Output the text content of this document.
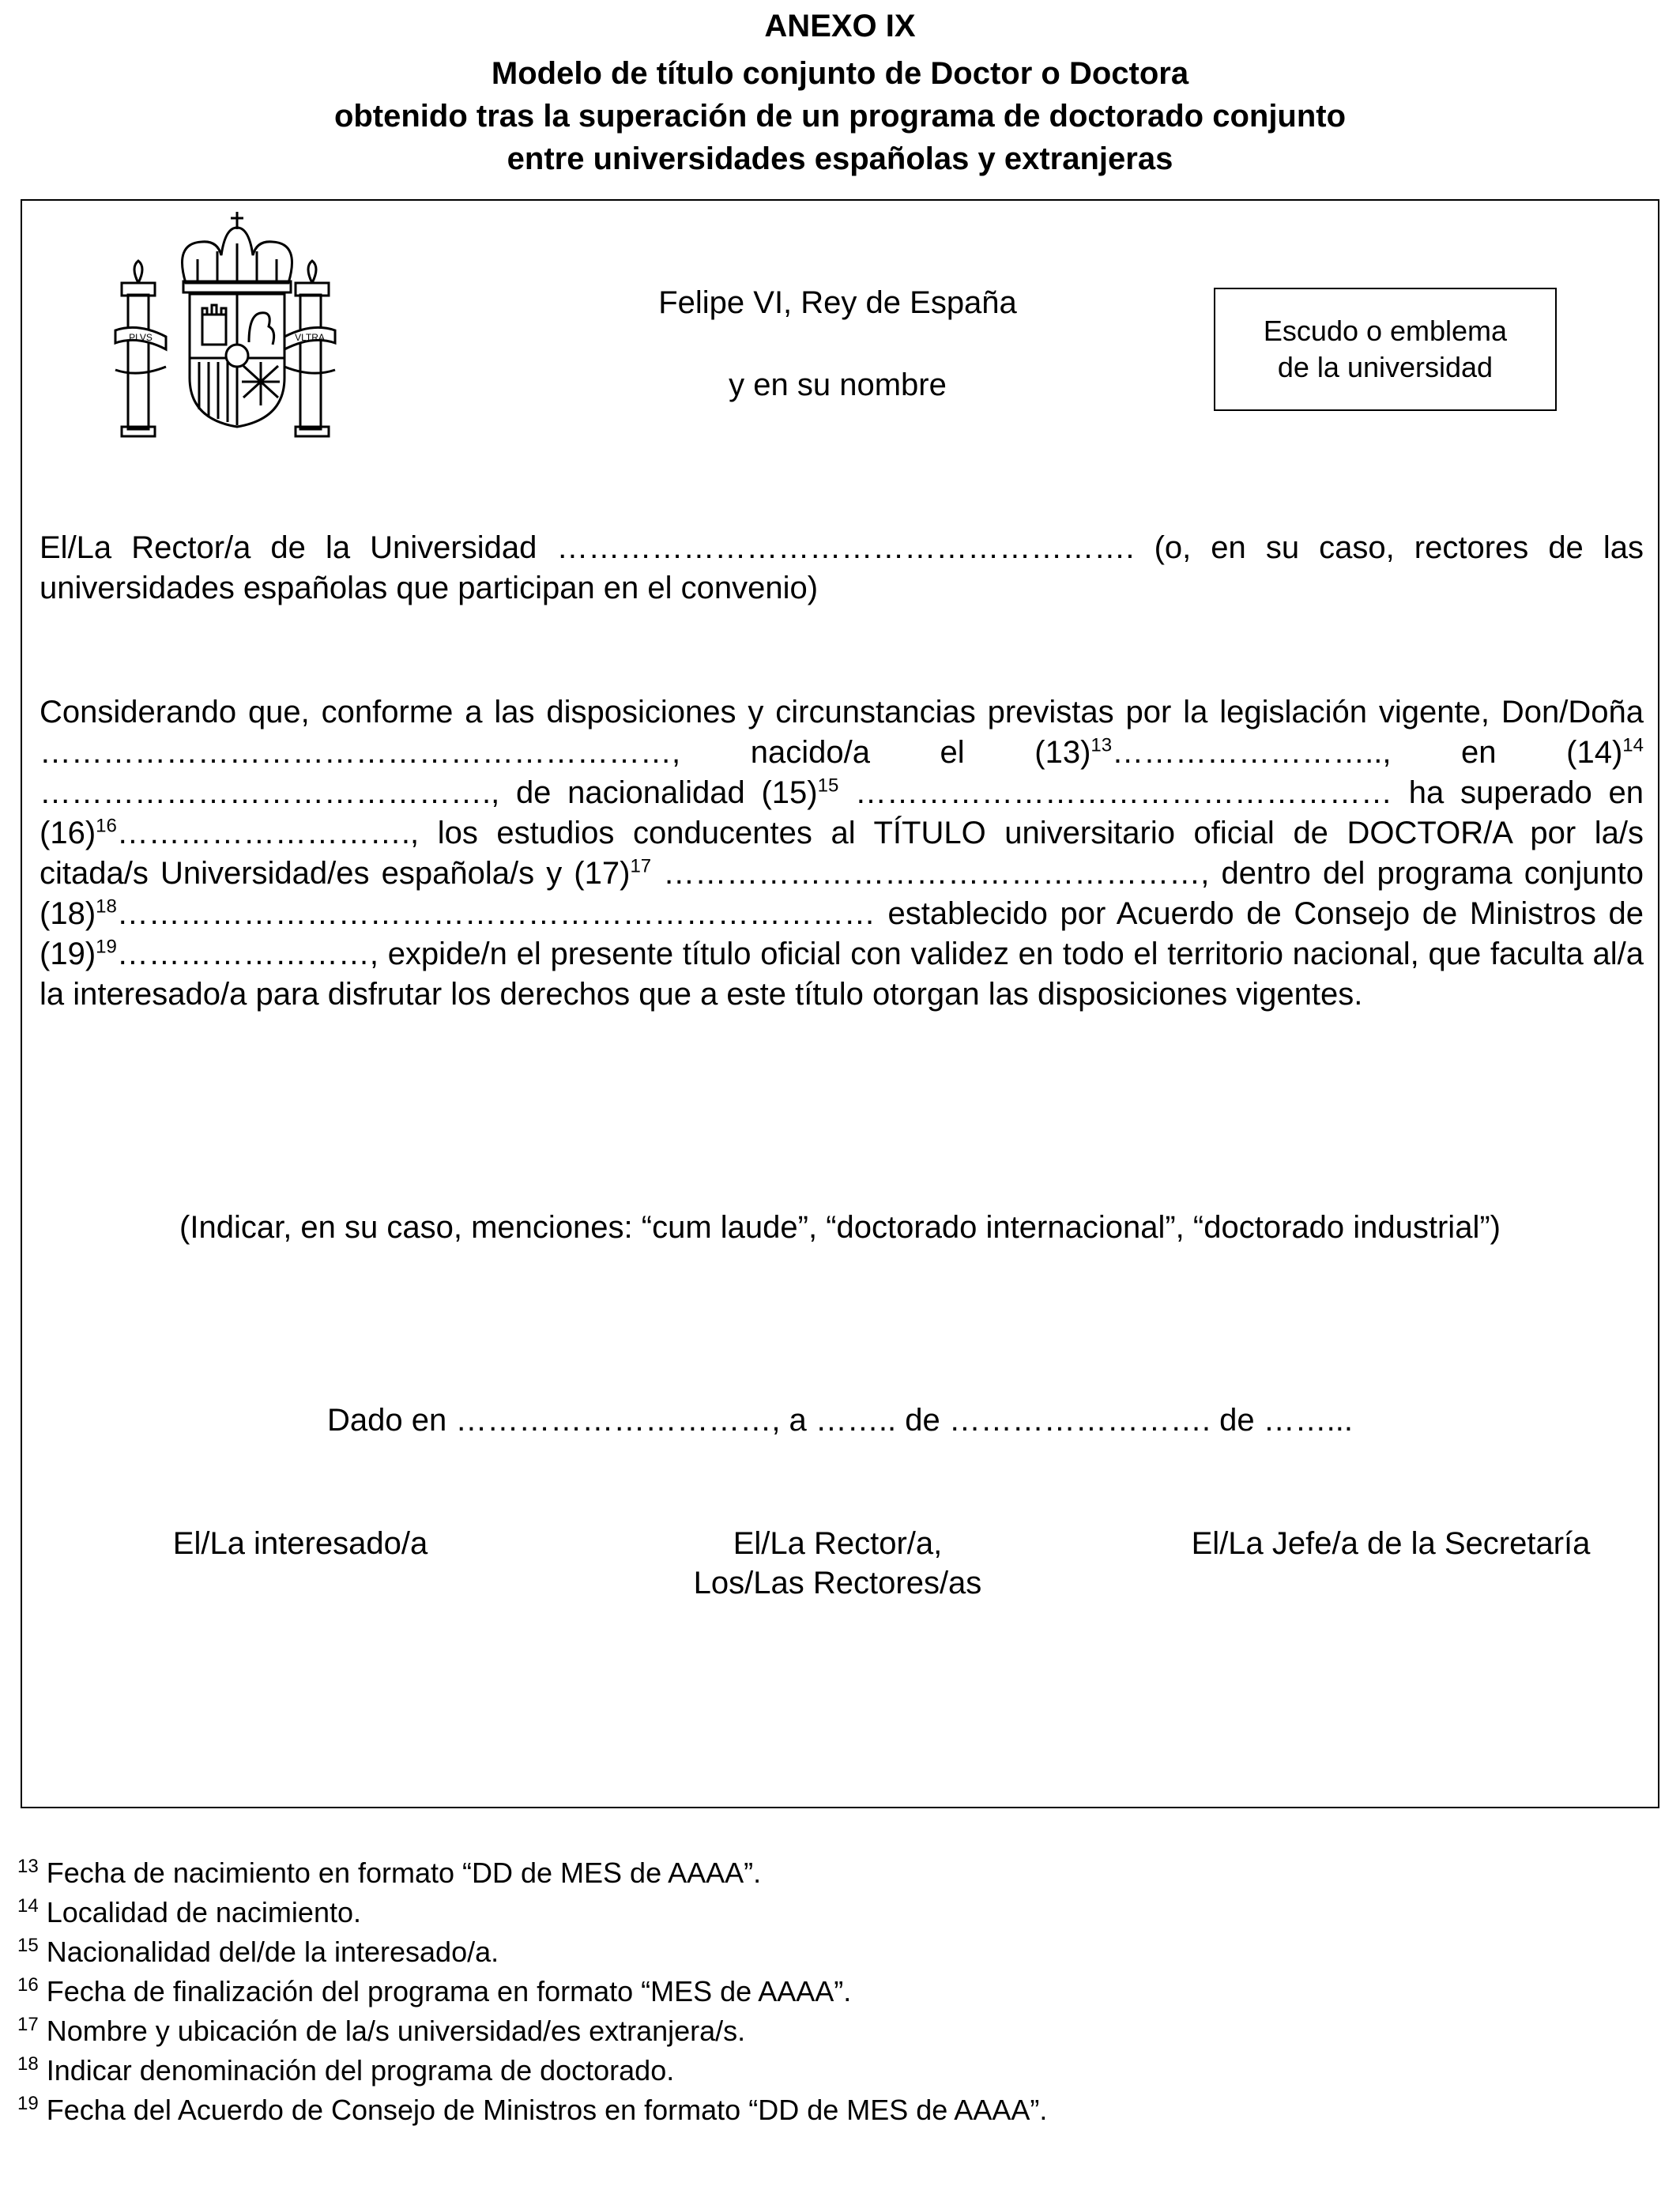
ANEXO IX
Modelo de título conjunto de Doctor o Doctora
obtenido tras la superación de un programa de doctorado conjunto
entre universidades españolas y extranjeras
PLVS	VLTRA
Felipe VI, Rey de España
y en su nombre
Escudo o emblema
de la universidad
El/La Rector/a de la Universidad ………………………………………………. (o, en su caso, rectores de las universidades españolas que participan en el convenio)
Considerando que, conforme a las disposiciones y circunstancias previstas por la legislación vigente, Don/Doña ……………………………………………………, nacido/a el $(13)^{13}\dots\dots\dots\dots\dots\dots\dots\dots$.., en $(14)^{14}$ ……………………………………., de nacionalidad $(15)^{15}$ …………………………………………… ha superado en $(16)^{16}\dots\dots\dots\dots\dots\dots\dots\dots\dots$., los estudios conducentes al TÍTULO universitario oficial de DOCTOR/A por la/s citada/s Universidad/es española/s y $(17)^{17}$ ……………………………………………, dentro del programa conjunto $(18)^{18}\dots\dots\dots\dots\dots\dots\dots\dots\dots\dots\dots\dots\dots\dots\dots\dots\dots\dots\dots\dots\dots\dots\dots\dots$ establecido por Acuerdo de Consejo de Ministros de $(19)^{19}\dots\dots\dots\dots\dots\dots\dots\dots$, expide/n el presente título oficial con validez en todo el territorio nacional, que faculta al/a la interesado/a para disfrutar los derechos que a este título otorgan las disposiciones vigentes.
(Indicar, en su caso, menciones: “cum laude”, “doctorado internacional”, “doctorado industrial”)
Dado en …………………………, a …….. de ……………………. de ……...
El/La interesado/a	El/La Rector/a,
Los/Las Rectores/as
El/La Jefe/a de la Secretaría
$^{13}$ Fecha de nacimiento en formato “DD de MES de AAAA”.
$^{14}$ Localidad de nacimiento.
$^{15}$ Nacionalidad del/de la interesado/a.
$^{16}$ Fecha de finalización del programa en formato “MES de AAAA”.
$^{17}$ Nombre y ubicación de la/s universidad/es extranjera/s.
$^{18}$ Indicar denominación del programa de doctorado.
$^{19}$ Fecha del Acuerdo de Consejo de Ministros en formato “DD de MES de AAAA”.
